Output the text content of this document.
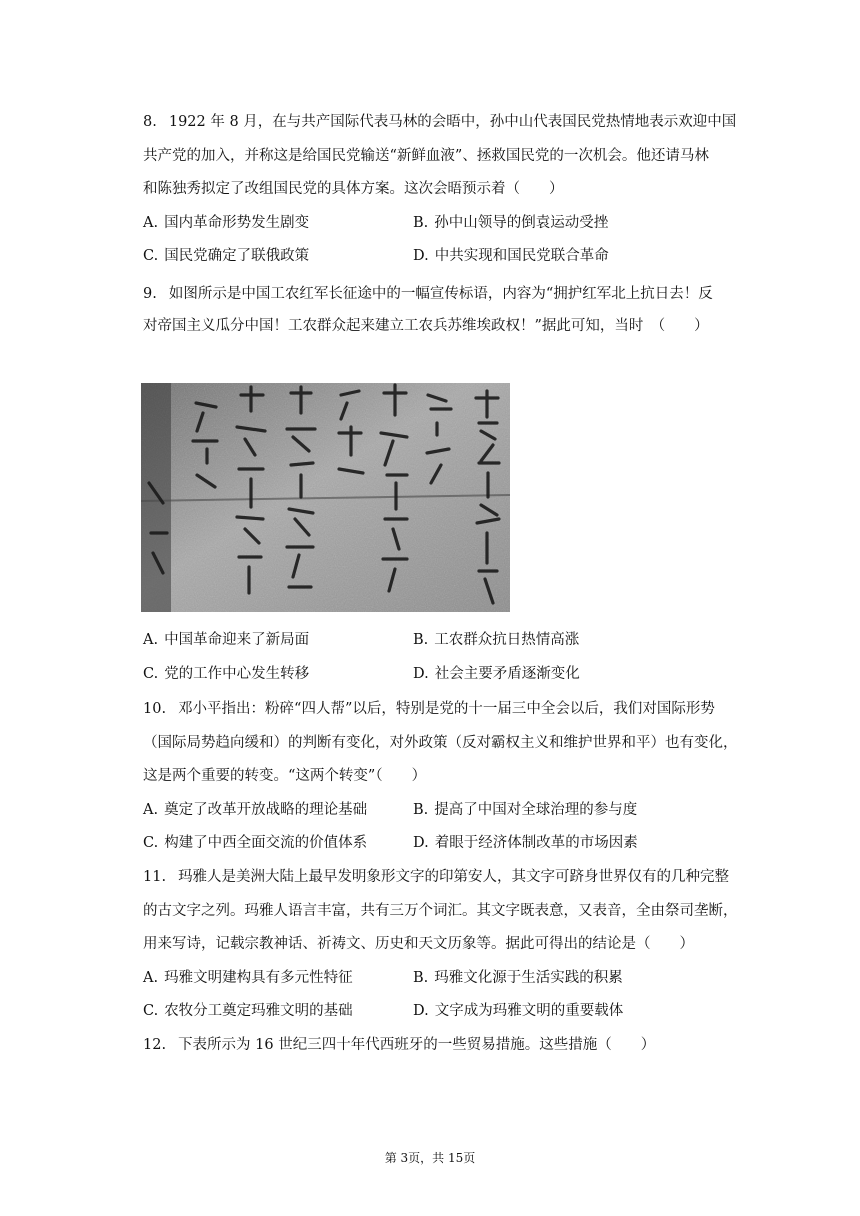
8. 1922 年 8 月，在与共产国际代表马林的会晤中，孙中山代表国民党热情地表示欢迎中国
共产党的加入，并称这是给国民党输送“新鲜血液”、拯救国民党的一次机会。他还请马林
和陈独秀拟定了改组国民党的具体方案。这次会晤预示着（　　）
A. 国内革命形势发生剧变	B. 孙中山领导的倒袁运动受挫
C. 国民党确定了联俄政策	D. 中共实现和国民党联合革命
9. 如图所示是中国工农红军长征途中的一幅宣传标语，内容为“拥护红军北上抗日去！反
对帝国主义瓜分中国！工农群众起来建立工农兵苏维埃政权！”据此可知，当时　（　　）
A. 中国革命迎来了新局面	B. 工农群众抗日热情高涨
C. 党的工作中心发生转移	D. 社会主要矛盾逐渐变化
10. 邓小平指出：粉碎“四人帮”以后，特别是党的十一届三中全会以后，我们对国际形势
（国际局势趋向缓和）的判断有变化，对外政策（反对霸权主义和维护世界和平）也有变化，
这是两个重要的转变。“这两个转变”（　　）
A. 奠定了改革开放战略的理论基础	B. 提高了中国对全球治理的参与度
C. 构建了中西全面交流的价值体系	D. 着眼于经济体制改革的市场因素
11. 玛雅人是美洲大陆上最早发明象形文字的印第安人，其文字可跻身世界仅有的几种完整
的古文字之列。玛雅人语言丰富，共有三万个词汇。其文字既表意，又表音，全由祭司垄断，
用来写诗，记载宗教神话、祈祷文、历史和天文历象等。据此可得出的结论是（　　）
A. 玛雅文明建构具有多元性特征	B. 玛雅文化源于生活实践的积累
C. 农牧分工奠定玛雅文明的基础	D. 文字成为玛雅文明的重要载体
12. 下表所示为 16 世纪三四十年代西班牙的一些贸易措施。这些措施（　　）
第 3页，共 15页
